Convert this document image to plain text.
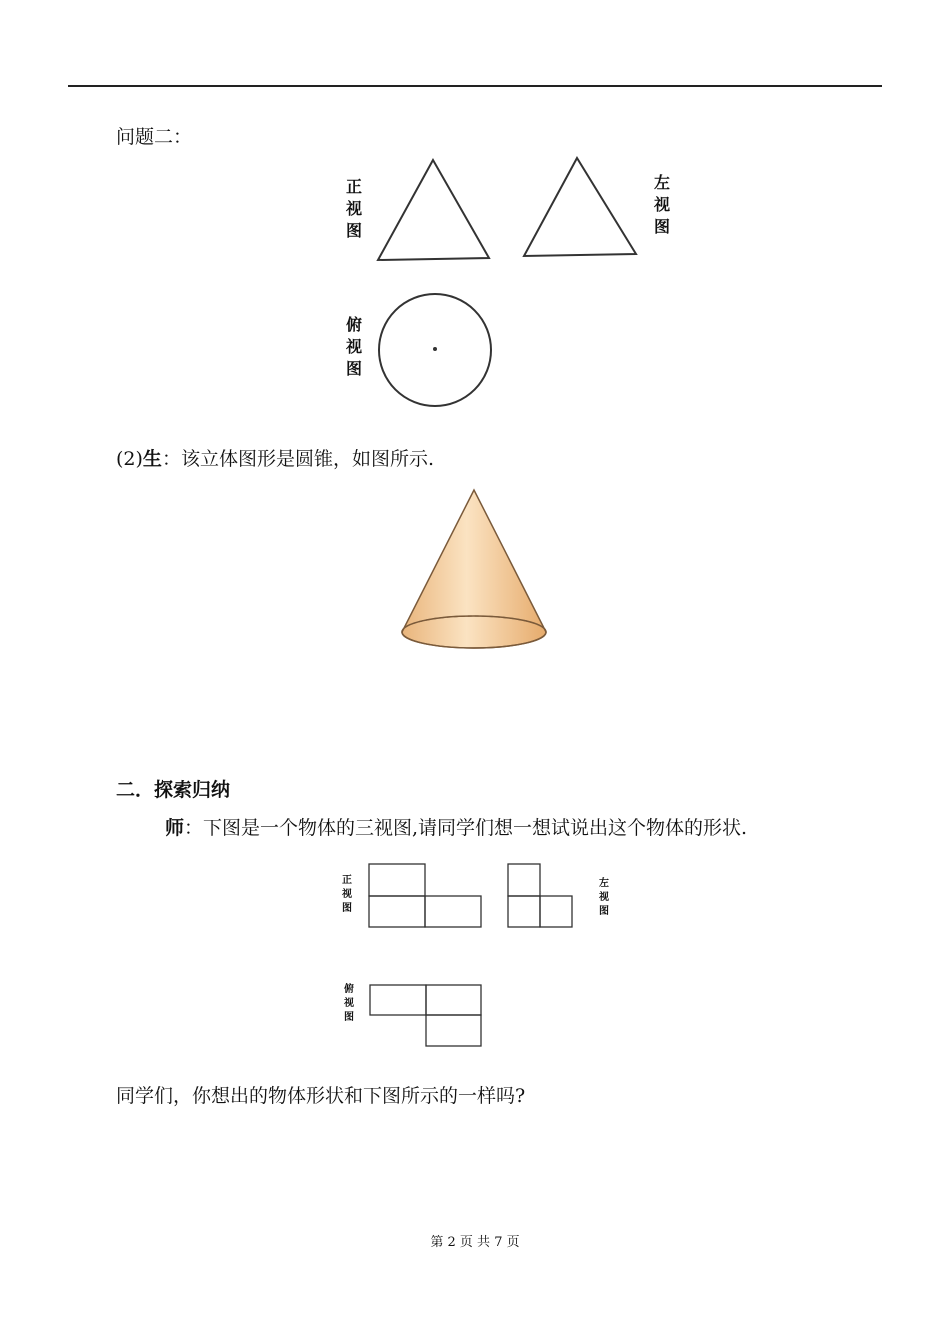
问题二：
正
视
图
左
视
图
俯
视
图
(2)生：该立体图形是圆锥，如图所示.
二．探索归纳
师：下图是一个物体的三视图,请同学们想一想试说出这个物体的形状.
正
视
图
左
视
图
俯
视
图
同学们，你想出的物体形状和下图所示的一样吗?
第 2 页 共 7 页
